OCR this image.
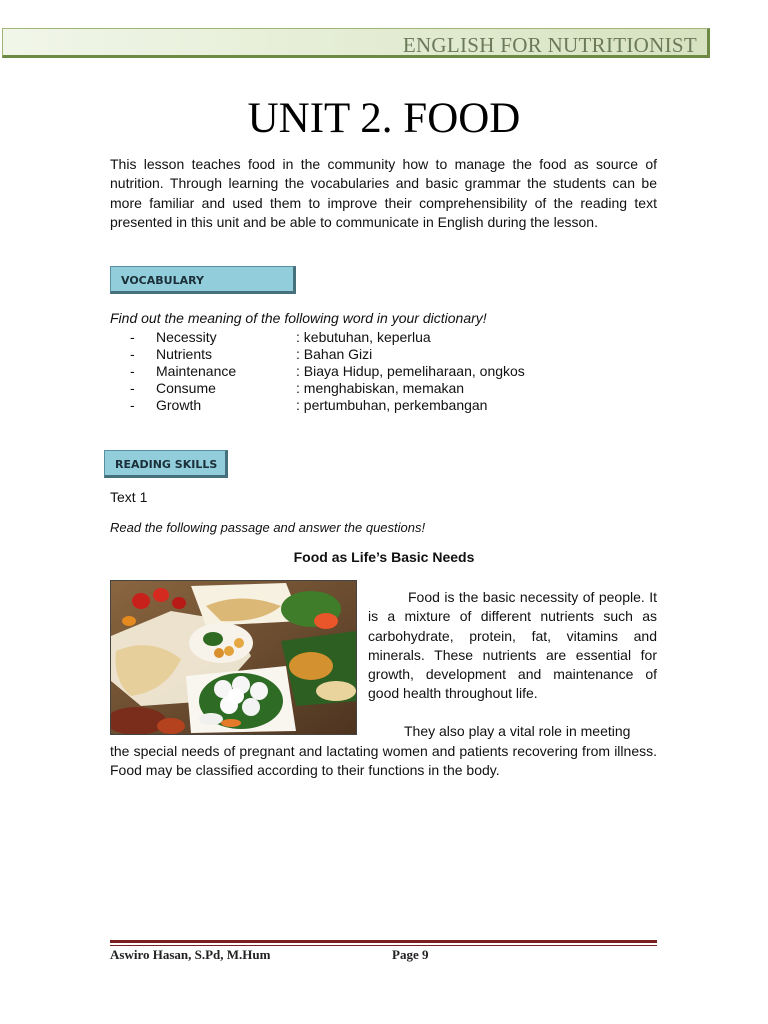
ENGLISH FOR NUTRITIONIST
UNIT 2. FOOD

This lesson teaches food in the community how to manage the food as source of nutrition. Through learning the vocabularies and basic grammar the students can be more familiar and used them to improve their comprehensibility of the reading text presented in this unit and be able to communicate in English during the lesson.

VOCABULARY
Find out the meaning of the following word in your dictionary!
- Necessity	: kebutuhan, keperlua
- Nutrients	: Bahan Gizi
- Maintenance	: Biaya Hidup, pemeliharaan, ongkos
- Consume	: menghabiskan, memakan
- Growth	: pertumbuhan, perkembangan
READING SKILLS
Text 1
Read the following passage and answer the questions!
Food as Life’s Basic Needs

Food is the basic necessity of people. It is a mixture of different nutrients such as carbohydrate, protein, fat, vitamins and minerals. These nutrients are essential for growth, development and maintenance of good health throughout life.

They also play a vital role in meeting

the special needs of pregnant and lactating women and patients recovering from illness. Food may be classified according to their functions in the body.

Aswiro Hasan, S.Pd, M.Hum	Page 9
